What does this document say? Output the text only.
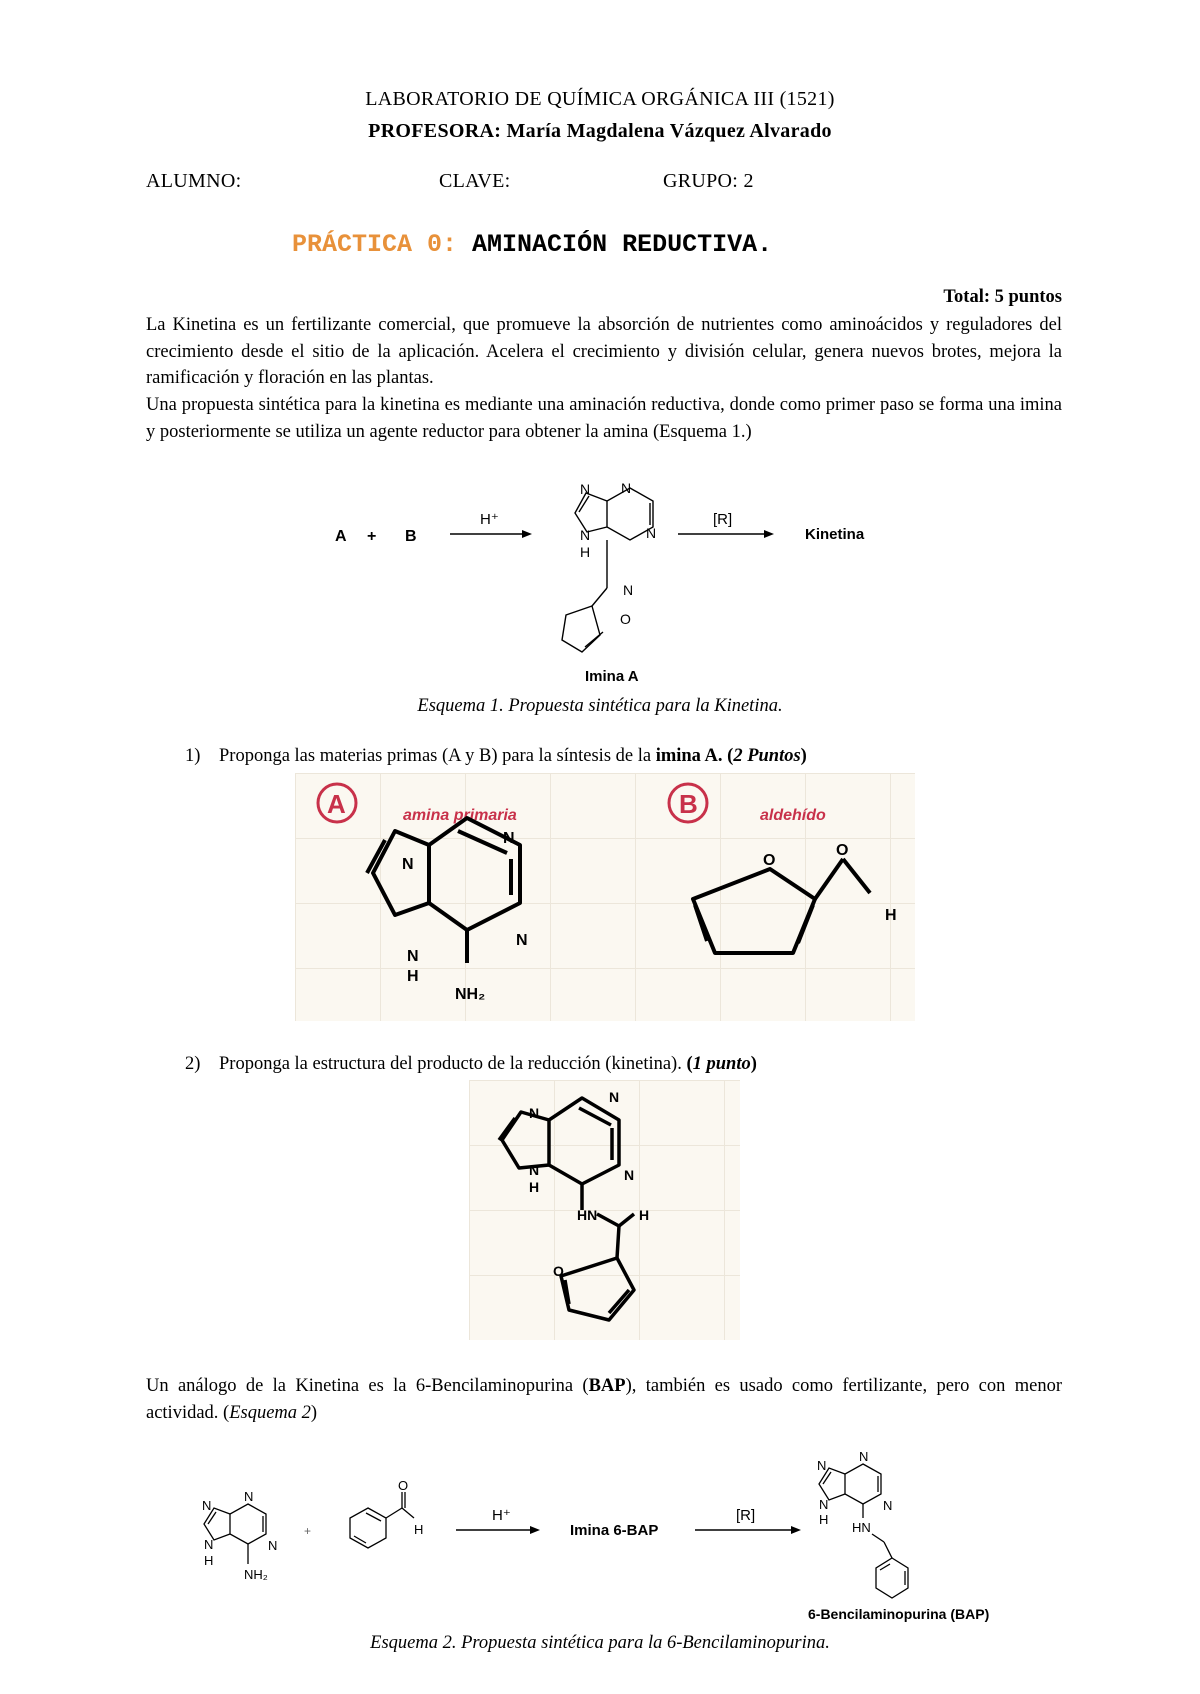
LABORATORIO DE QUÍMICA ORGÁNICA III (1521)
PROFESORA: María Magdalena Vázquez Alvarado
ALUMNO:	CLAVE:	GRUPO: 2
PRÁCTICA 0: AMINACIÓN REDUCTIVA.
Total: 5 puntos
La Kinetina es un fertilizante comercial, que promueve la absorción de nutrientes como aminoácidos y reguladores del crecimiento desde el sitio de la aplicación. Acelera el crecimiento y división celular, genera nuevos brotes, mejora la ramificación y floración en las plantas.
Una propuesta sintética para la kinetina es mediante una aminación reductiva, donde como primer paso se forma una imina y posteriormente se utiliza un agente reductor para obtener la amina (Esquema 1.)
A + B
H⁺
N
N
N
N
H
N
O
[R]
Kinetina
Imina A
Esquema 1. Propuesta sintética para la Kinetina.
1) Proponga las materias primas (A y B) para la síntesis de la imina A. (2 Puntos)
A	amina primaria	B	aldehído
N
N
N
N
H
NH₂
O
O
H
2) Proponga la estructura del producto de la reducción (kinetina). (1 punto)
N
N
N
N
H
HN	H
O
Un análogo de la Kinetina es la 6-Bencilaminopurina (BAP), también es usado como fertilizante, pero con menor actividad. (Esquema 2)
N
N
N
N
H
NH₂
+
O
H
H⁺
Imina 6-BAP
[R]
N
N
N
N
H
HN
6-Bencilaminopurina (BAP)
Esquema 2. Propuesta sintética para la 6-Bencilaminopurina.
